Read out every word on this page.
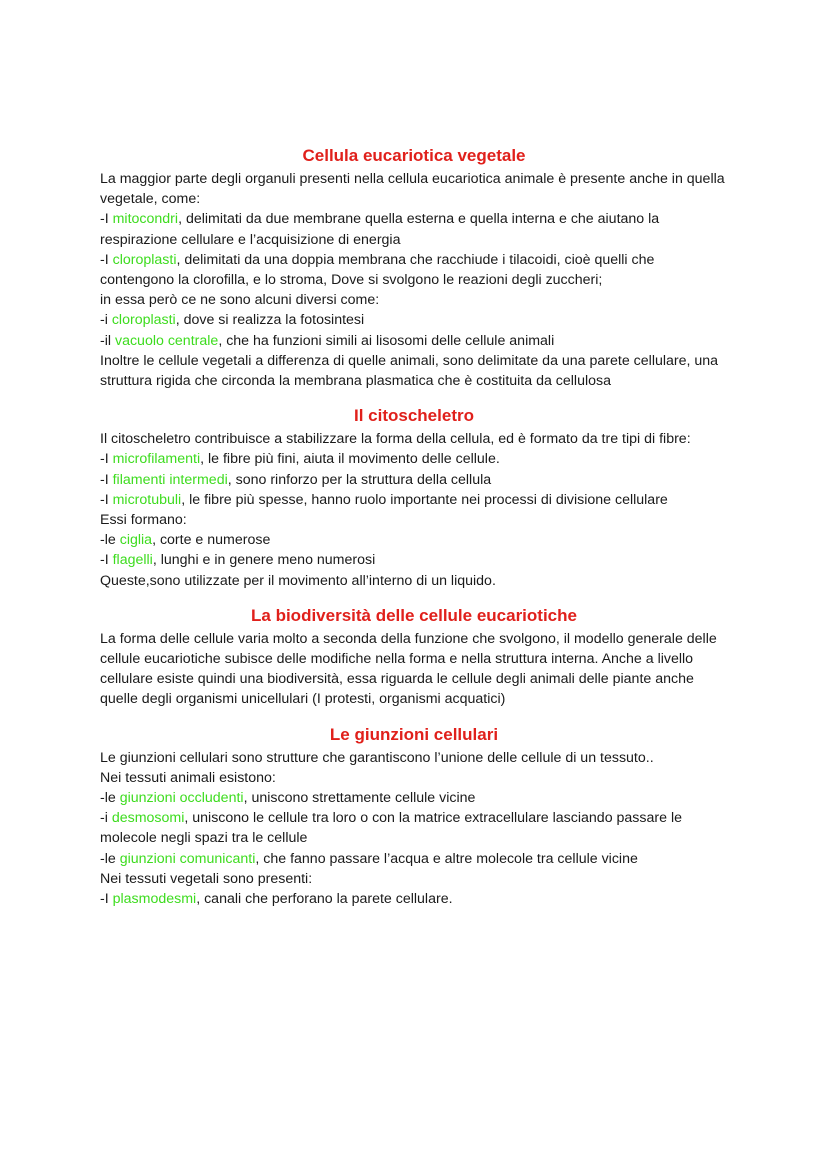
Cellula eucariotica vegetale

La maggior parte degli organuli presenti nella cellula eucariotica animale è presente anche in quella vegetale, come:

-I mitocondri, delimitati da due membrane quella esterna e quella interna e che aiutano la respirazione cellulare e l’acquisizione di energia

-I cloroplasti, delimitati da una doppia membrana che racchiude i tilacoidi, cioè quelli che contengono la clorofilla, e lo stroma, Dove si svolgono le reazioni degli zuccheri;

in essa però ce ne sono alcuni diversi come:

-i cloroplasti, dove si realizza la fotosintesi

-il vacuolo centrale, che ha funzioni simili ai lisosomi delle cellule animali

Inoltre le cellule vegetali a differenza di quelle animali, sono delimitate da una parete cellulare, una struttura rigida che circonda la membrana plasmatica che è costituita da cellulosa

Il citoscheletro

Il citoscheletro contribuisce a stabilizzare la forma della cellula, ed è formato da tre tipi di fibre:

-I microfilamenti, le fibre più fini, aiuta il movimento delle cellule.

-I filamenti intermedi, sono rinforzo per la struttura della cellula

-I microtubuli, le fibre più spesse, hanno ruolo importante nei processi di divisione cellulare

Essi formano:

-le ciglia, corte e numerose

-I flagelli, lunghi e in genere meno numerosi

Queste,sono utilizzate per il movimento all’interno di un liquido.

La biodiversità delle cellule eucariotiche

La forma delle cellule varia molto a seconda della funzione che svolgono, il modello generale delle cellule eucariotiche subisce delle modifiche nella forma e nella struttura interna. Anche a livello cellulare esiste quindi una biodiversità, essa riguarda le cellule degli animali delle piante anche quelle degli organismi unicellulari (I protesti, organismi acquatici)

Le giunzioni cellulari

Le giunzioni cellulari sono strutture che garantiscono l’unione delle cellule di un tessuto..

Nei tessuti animali esistono:

-le giunzioni occludenti, uniscono strettamente cellule vicine

-i desmosomi, uniscono le cellule tra loro o con la matrice extracellulare lasciando passare le molecole negli spazi tra le cellule

-le giunzioni comunicanti, che fanno passare l’acqua e altre molecole tra cellule vicine

Nei tessuti vegetali sono presenti:

-I plasmodesmi, canali che perforano la parete cellulare.
